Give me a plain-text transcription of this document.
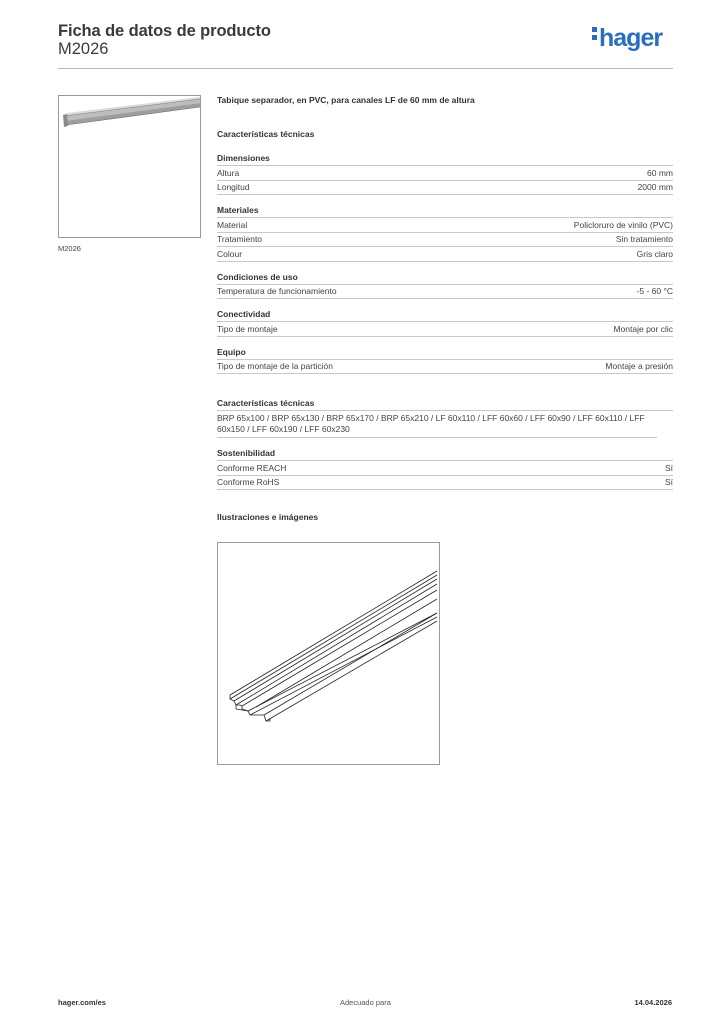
Ficha de datos de producto
M2026	hager
M2026
Tabique separador, en PVC, para canales LF de 60 mm de altura
Características técnicas
Dimensiones
Altura	60 mm
Longitud	2000 mm
Materiales
Material	Policloruro de vinilo (PVC)
Tratamiento	Sin tratamiento
Colour	Gris claro
Condiciones de uso
Temperatura de funcionamiento	-5 - 60 °C
Conectividad
Tipo de montaje	Montaje por clic
Equipo
Tipo de montaje de la partición	Montaje a presión
Características técnicas
BRP 65x100 / BRP 65x130 / BRP 65x170 / BRP 65x210 / LF 60x110 / LFF 60x60 / LFF 60x90 / LFF 60x110 / LFF 60x150 / LFF 60x190 / LFF 60x230
Sostenibilidad
Conforme REACH	Sí
Conforme RoHS	Sí
Ilustraciones e imágenes
hager.com/es	Adecuado para	14.04.2026
